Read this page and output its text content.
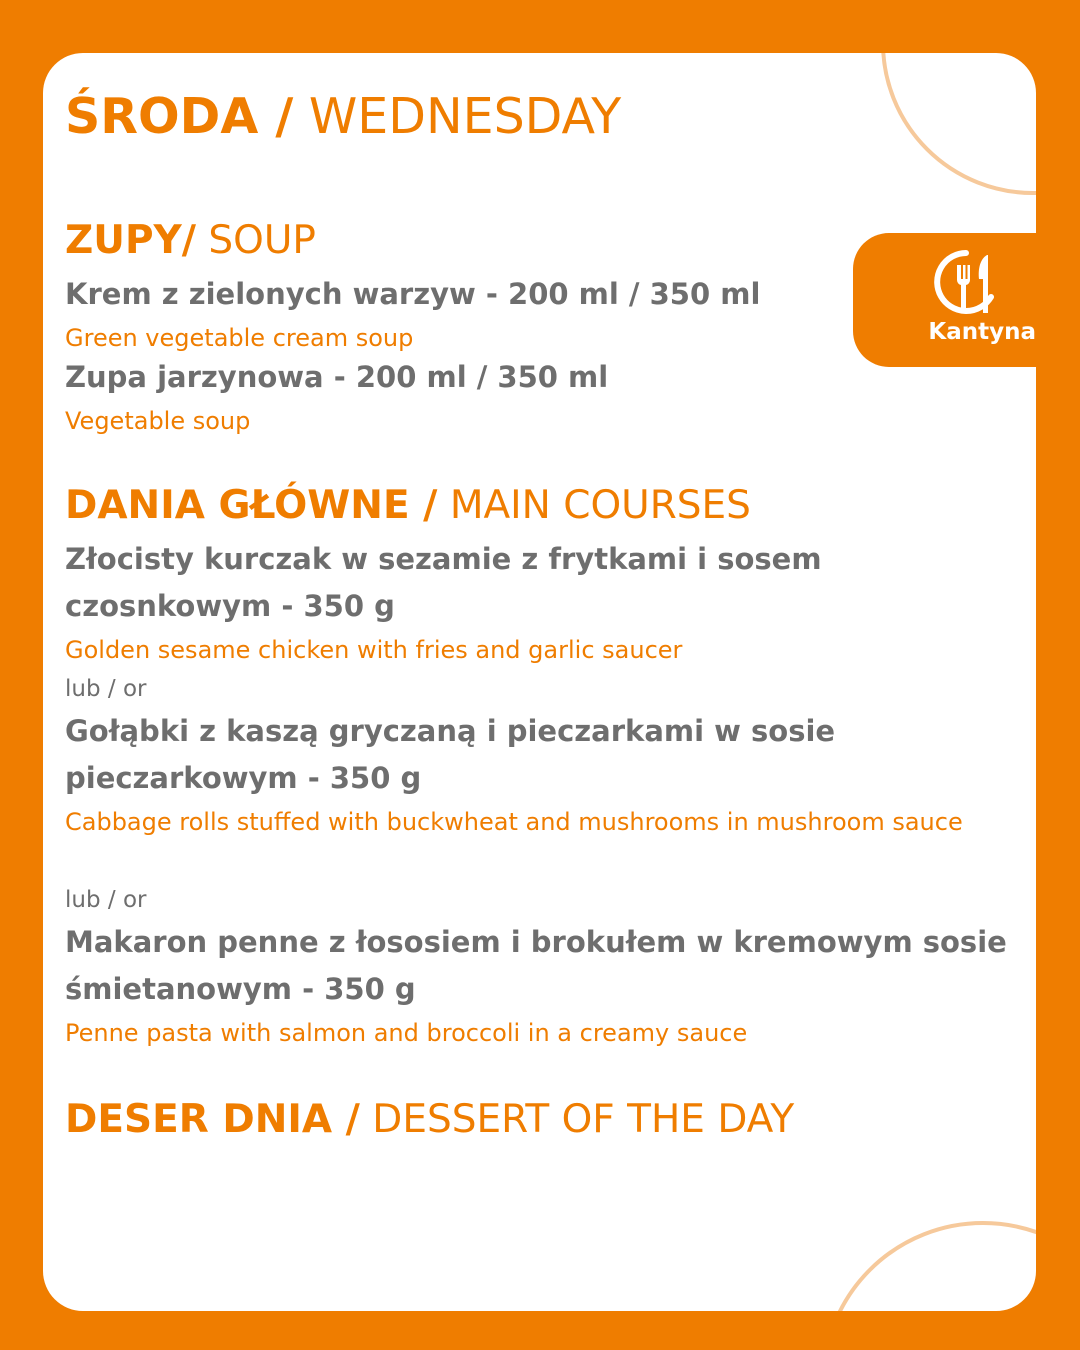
Kantyna
ŚRODA / WEDNESDAY
ZUPY/ SOUP
Krem z zielonych warzyw - 200 ml / 350 ml
Green vegetable cream soup
Zupa jarzynowa - 200 ml / 350 ml
Vegetable soup
DANIA GŁÓWNE / MAIN COURSES
Złocisty kurczak w sezamie z frytkami i sosem czosnkowym - 350 g
Golden sesame chicken with fries and garlic saucer
lub / or
Gołąbki z kaszą gryczaną i pieczarkami w sosie pieczarkowym - 350 g
Cabbage rolls stuffed with buckwheat and mushrooms in mushroom sauce
lub / or
Makaron penne z łososiem i brokułem w kremowym sosie śmietanowym - 350 g
Penne pasta with salmon and broccoli in a creamy sauce
DESER DNIA / DESSERT OF THE DAY
